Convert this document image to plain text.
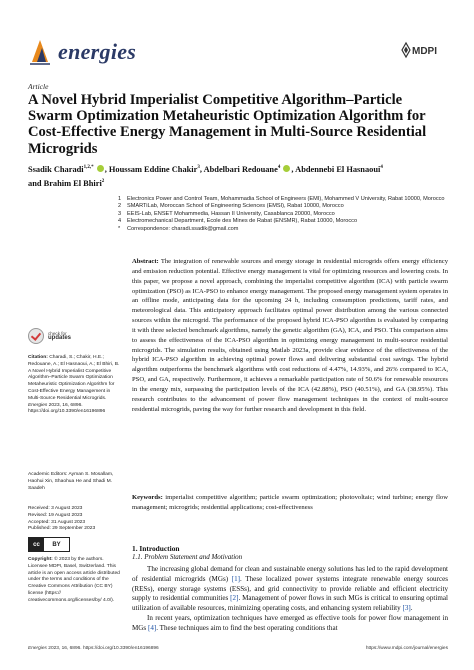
energies	MDPI
Article
A Novel Hybrid Imperialist Competitive Algorithm–Particle Swarm Optimization Metaheuristic Optimization Algorithm for Cost-Effective Energy Management in Multi-Source Residential Microgrids
Ssadik Charadi$^{1,2,*}$ , Houssam Eddine Chakir$^3$, Abdelbari Redouane$^4$ , Abdennebi El Hasnaoui$^4$
and Brahim El Bhiri$^2$
1	Electronics Power and Control Team, Mohammadia School of Engineers (EMI), Mohammed V University, Rabat 10000, Morocco
2	SMARTiLab, Moroccan School of Engineering Sciences (EMSI), Rabat 10000, Morocco
3	EEIS-Lab, ENSET Mohammedia, Hassan II University, Casablanca 20000, Morocco
4	Electromechanical Department, Ecole des Mines de Rabat (ENSMR), Rabat 10000, Morocco
*	Correspondence: charadi.ssadik@gmail.com
check for
updates
Citation: Charadi, S.; Chakir, H.E.; Redouane, A.; El Hasnaoui, A.; El Bhiri, B. A Novel Hybrid Imperialist Competitive Algorithm–Particle Swarm Optimization Metaheuristic Optimization Algorithm for Cost-Effective Energy Management in Multi-Source Residential Microgrids. Energies 2023, 16, 6896. https://doi.org/10.3390/en16196896
Academic Editors: Ayman S. Mosallam, Haohui Xin, Shaohua He and Shadi M. Saadeh
Received: 3 August 2023
Revised: 19 August 2023
Accepted: 31 August 2023
Published: 29 September 2023
cc	BY
Copyright: © 2023 by the authors. Licensee MDPI, Basel, Switzerland. This article is an open access article distributed under the terms and conditions of the Creative Commons Attribution (CC BY) license (https:// creativecommons.org/licenses/by/ 4.0/).
Abstract: The integration of renewable sources and energy storage in residential microgrids offers energy efficiency and emission reduction potential. Effective energy management is vital for optimizing resources and lowering costs. In this paper, we propose a novel approach, combining the imperialist competitive algorithm (ICA) with particle swarm optimization (PSO) as ICA-PSO to enhance energy management. The proposed energy management system operates in an offline mode, anticipating data for the upcoming 24 h, including consumption predictions, tariff rates, and meteorological data. This anticipatory approach facilitates optimal power distribution among the various connected sources within the microgrid. The performance of the proposed hybrid ICA-PSO algorithm is evaluated by comparing it with three selected benchmark algorithms, namely the genetic algorithm (GA), ICA, and PSO. This comparison aims to assess the effectiveness of the ICA-PSO algorithm in optimizing energy management in multi-source residential microgrids. The simulation results, obtained using Matlab 2023a, provide clear evidence of the effectiveness of the hybrid ICA-PSO algorithm in achieving optimal power flows and delivering substantial cost savings. The hybrid algorithm outperforms the benchmark algorithms with cost reductions of 4.47%, 14.93%, and 26% compared to ICA, PSO, and GA, respectively. Furthermore, it achieves a remarkable participation rate of 50.6% for renewable resources in the energy mix, surpassing the participation levels of the ICA (42.88%), PSO (40.51%), and GA (38.95%). This research contributes to the advancement of power flow management techniques in the context of multi-source residential microgrids, paving the way for further research and development in this field.
Keywords: imperialist competitive algorithm; particle swarm optimization; photovoltaic; wind turbine; energy flow management; microgrids; residential applications; cost-effectiveness
1. Introduction
1.1. Problem Statement and Motivation

The increasing global demand for clean and sustainable energy solutions has led to the rapid development of residential microgrids (MGs) [1]. These localized power systems integrate renewable energy sources (RESs), energy storage systems (ESSs), and grid connectivity to provide reliable and efficient electricity supply to residential communities [2]. Management of power flows in such MGs is critical to ensuring optimal utilization of available resources, minimizing operating costs, and enhancing system reliability [3].

In recent years, optimization techniques have emerged as effective tools for power flow management in MGs [4]. These techniques aim to find the best operating conditions that

Energies 2023, 16, 6896. https://doi.org/10.3390/en16196896	https://www.mdpi.com/journal/energies
